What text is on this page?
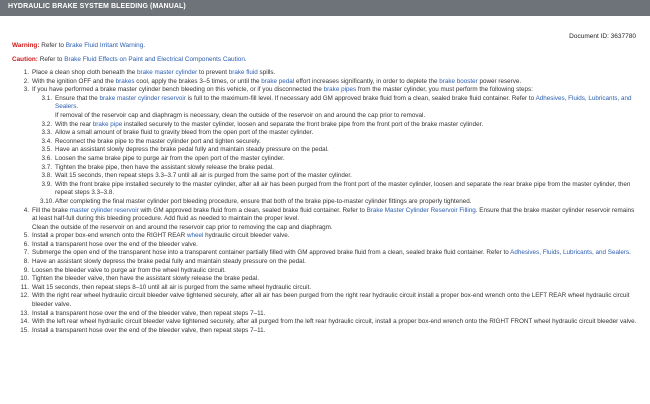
HYDRAULIC BRAKE SYSTEM BLEEDING (MANUAL)
Document ID: 3637780
Warning: Refer to Brake Fluid Irritant Warning.
Caution: Refer to Brake Fluid Effects on Paint and Electrical Components Caution.
1. Place a clean shop cloth beneath the brake master cylinder to prevent brake fluid spills.
2. With the ignition OFF and the brakes cool, apply the brakes 3–5 times, or until the brake pedal effort increases significantly, in order to deplete the brake booster power reserve.
3. If you have performed a brake master cylinder bench bleeding on this vehicle, or if you disconnected the brake pipes from the master cylinder, you must perform the following steps:
3.1. Ensure that the brake master cylinder reservoir is full to the maximum-fill level. If necessary add GM approved brake fluid from a clean, sealed brake fluid container. Refer to Adhesives, Fluids, Lubricants, and Sealers.
If removal of the reservoir cap and diaphragm is necessary, clean the outside of the reservoir on and around the cap prior to removal.
3.2. With the rear brake pipe installed securely to the master cylinder, loosen and separate the front brake pipe from the front port of the brake master cylinder.
3.3. Allow a small amount of brake fluid to gravity bleed from the open port of the master cylinder.
3.4. Reconnect the brake pipe to the master cylinder port and tighten securely.
3.5. Have an assistant slowly depress the brake pedal fully and maintain steady pressure on the pedal.
3.6. Loosen the same brake pipe to purge air from the open port of the master cylinder.
3.7. Tighten the brake pipe, then have the assistant slowly release the brake pedal.
3.8. Wait 15 seconds, then repeat steps 3.3–3.7 until all air is purged from the same port of the master cylinder.
3.9. With the front brake pipe installed securely to the master cylinder, after all air has been purged from the front port of the master cylinder, loosen and separate the rear brake pipe from the master cylinder, then repeat steps 3.3–3.8.
3.10. After completing the final master cylinder port bleeding procedure, ensure that both of the brake pipe-to-master cylinder fittings are properly tightened.
4. Fill the brake master cylinder reservoir with GM approved brake fluid from a clean, sealed brake fluid container. Refer to Brake Master Cylinder Reservoir Filling. Ensure that the brake master cylinder reservoir remains at least half-full during this bleeding procedure. Add fluid as needed to maintain the proper level.
Clean the outside of the reservoir on and around the reservoir cap prior to removing the cap and diaphragm.
5. Install a proper box-end wrench onto the RIGHT REAR wheel hydraulic circuit bleeder valve.
6. Install a transparent hose over the end of the bleeder valve.
7. Submerge the open end of the transparent hose into a transparent container partially filled with GM approved brake fluid from a clean, sealed brake fluid container. Refer to Adhesives, Fluids, Lubricants, and Sealers.
8. Have an assistant slowly depress the brake pedal fully and maintain steady pressure on the pedal.
9. Loosen the bleeder valve to purge air from the wheel hydraulic circuit.
10. Tighten the bleeder valve, then have the assistant slowly release the brake pedal.
11. Wait 15 seconds, then repeat steps 8–10 until all air is purged from the same wheel hydraulic circuit.
12. With the right rear wheel hydraulic circuit bleeder valve tightened securely, after all air has been purged from the right rear hydraulic circuit install a proper box-end wrench onto the LEFT REAR wheel hydraulic circuit bleeder valve.
13. Install a transparent hose over the end of the bleeder valve, then repeat steps 7–11.
14. With the left rear wheel hydraulic circuit bleeder valve tightened securely, after all purged from the left rear hydraulic circuit, install a proper box-end wrench onto the RIGHT FRONT wheel hydraulic circuit bleeder valve.
15. Install a transparent hose over the end of the bleeder valve, then repeat steps 7–11.
